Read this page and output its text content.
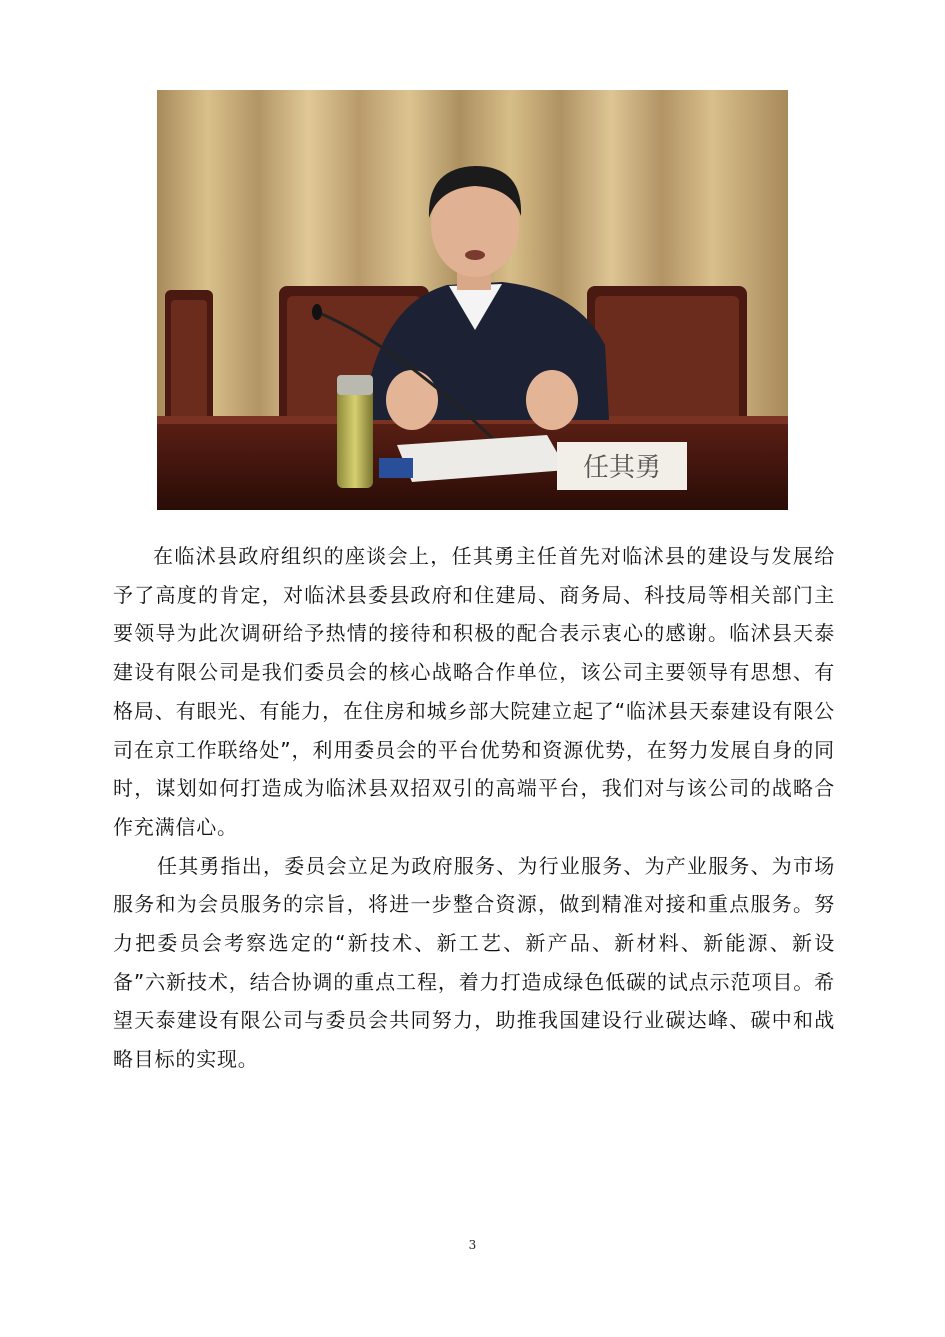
任其勇

在临沭县政府组织的座谈会上，任其勇主任首先对临沭县的建设与发展给予了高度的肯定，对临沭县委县政府和住建局、商务局、科技局等相关部门主要领导为此次调研给予热情的接待和积极的配合表示衷心的感谢。临沭县天泰建设有限公司是我们委员会的核心战略合作单位，该公司主要领导有思想、有格局、有眼光、有能力，在住房和城乡部大院建立起了“临沭县天泰建设有限公司在京工作联络处”，利用委员会的平台优势和资源优势，在努力发展自身的同时，谋划如何打造成为临沭县双招双引的高端平台，我们对与该公司的战略合作充满信心。

任其勇指出，委员会立足为政府服务、为行业服务、为产业服务、为市场服务和为会员服务的宗旨，将进一步整合资源，做到精准对接和重点服务。努力把委员会考察选定的“新技术、新工艺、新产品、新材料、新能源、新设备”六新技术，结合协调的重点工程，着力打造成绿色低碳的试点示范项目。希望天泰建设有限公司与委员会共同努力，助推我国建设行业碳达峰、碳中和战略目标的实现。

3
